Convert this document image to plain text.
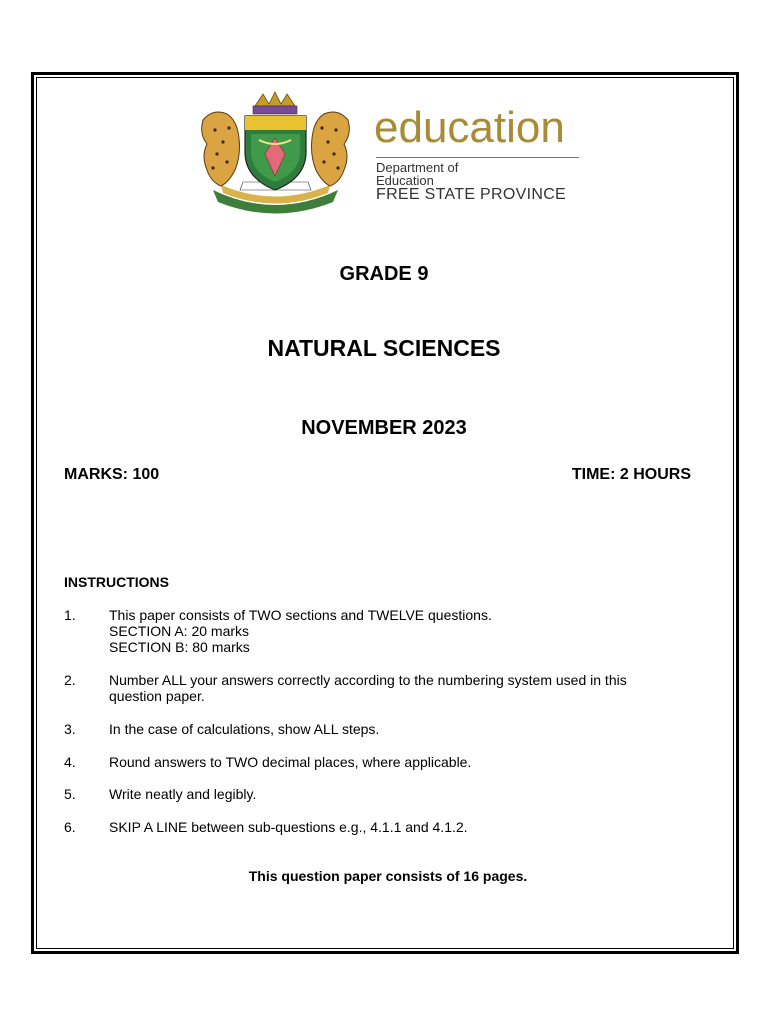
education
Department of
Education
FREE STATE PROVINCE
GRADE 9
NATURAL SCIENCES
NOVEMBER 2023
MARKS: 100	TIME: 2 HOURS
INSTRUCTIONS
1. This paper consists of TWO sections and TWELVE questions.
SECTION A: 20 marks
SECTION B: 80 marks
2. Number ALL your answers correctly according to the numbering system used in this
question paper.
3. In the case of calculations, show ALL steps.
4. Round answers to TWO decimal places, where applicable.
5. Write neatly and legibly.
6. SKIP A LINE between sub-questions e.g., 4.1.1 and 4.1.2.
This question paper consists of 16 pages.
